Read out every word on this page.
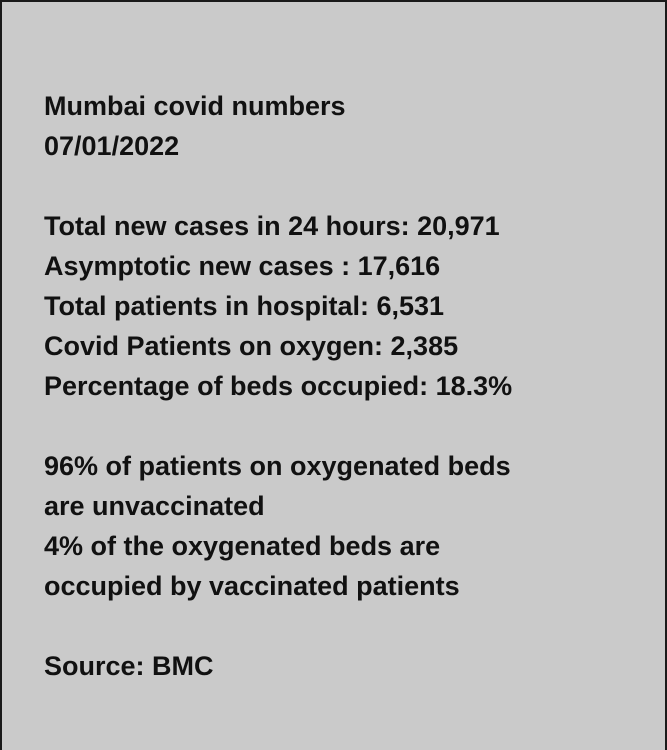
Mumbai covid numbers
07/01/2022
Total new cases in 24 hours: 20,971
Asymptotic new cases : 17,616
Total patients in hospital: 6,531
Covid Patients on oxygen: 2,385
Percentage of beds occupied: 18.3%
96% of patients on oxygenated beds
are unvaccinated
4% of the oxygenated beds are
occupied by vaccinated patients
Source: BMC
